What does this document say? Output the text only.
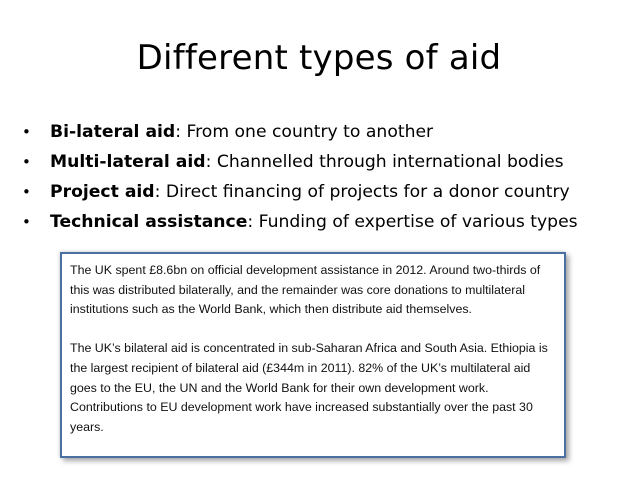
Different types of aid
•	Bi-lateral aid : From one country to another
•	Multi-lateral aid : Channelled through international bodies
•	Project aid : Direct financing of projects for a donor country
•	Technical assistance : Funding of expertise of various types

The UK spent £8.6bn on official development assistance in 2012. Around two-thirds of this was distributed bilaterally, and the remainder was core donations to multilateral institutions such as the World Bank, which then distribute aid themselves.

The UK’s bilateral aid is concentrated in sub-Saharan Africa and South Asia. Ethiopia is the largest recipient of bilateral aid (£344m in 2011). 82% of the UK’s multilateral aid goes to the EU, the UN and the World Bank for their own development work. Contributions to EU development work have increased substantially over the past 30 years.
